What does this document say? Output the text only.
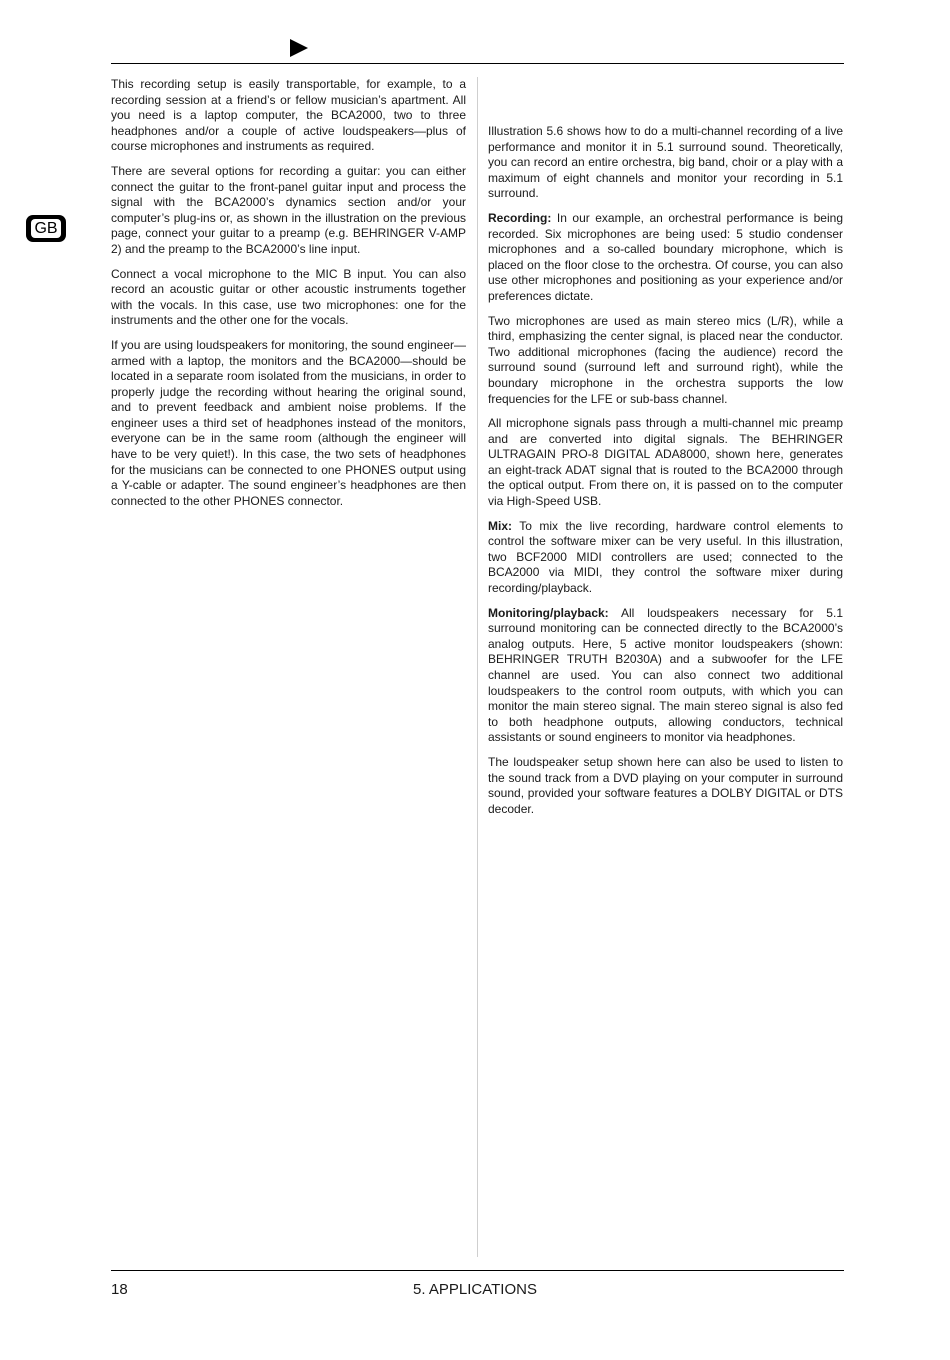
GB

This recording setup is easily transportable, for example, to a recording session at a friend’s or fellow musician’s apartment. All you need is a laptop computer, the BCA2000, two to three headphones and/or a couple of active loudspeakers—plus of course microphones and instruments as required.

There are several options for recording a guitar: you can either connect the guitar to the front-panel guitar input and process the signal with the BCA2000’s dynamics section and/or your computer’s plug-ins or, as shown in the illustration on the previous page, connect your guitar to a preamp (e.g. BEHRINGER V-AMP 2) and the preamp to the BCA2000’s line input.

Connect a vocal microphone to the MIC B input. You can also record an acoustic guitar or other acoustic instruments together with the vocals. In this case, use two microphones: one for the instruments and the other one for the vocals.

If you are using loudspeakers for monitoring, the sound engineer—armed with a laptop, the monitors and the BCA2000—should be located in a separate room isolated from the musicians, in order to properly judge the recording without hearing the original sound, and to prevent feedback and ambient noise problems. If the engineer uses a third set of headphones instead of the monitors, everyone can be in the same room (although the engineer will have to be very quiet!). In this case, the two sets of headphones for the musicians can be connected to one PHONES output using a Y-cable or adapter. The sound engineer’s headphones are then connected to the other PHONES connector.

Illustration 5.6 shows how to do a multi-channel recording of a live performance and monitor it in 5.1 surround sound. Theoretically, you can record an entire orchestra, big band, choir or a play with a maximum of eight channels and monitor your recording in 5.1 surround.

Recording: In our example, an orchestral performance is being recorded. Six microphones are being used: 5 studio condenser microphones and a so-called boundary microphone, which is placed on the floor close to the orchestra. Of course, you can also use other microphones and positioning as your experience and/or preferences dictate.

Two microphones are used as main stereo mics (L/R), while a third, emphasizing the center signal, is placed near the conductor. Two additional microphones (facing the audience) record the surround sound (surround left and surround right), while the boundary microphone in the orchestra supports the low frequencies for the LFE or sub-bass channel.

All microphone signals pass through a multi-channel mic preamp and are converted into digital signals. The BEHRINGER ULTRAGAIN PRO-8 DIGITAL ADA8000, shown here, generates an eight-track ADAT signal that is routed to the BCA2000 through the optical output. From there on, it is passed on to the computer via High-Speed USB.

Mix: To mix the live recording, hardware control elements to control the software mixer can be very useful. In this illustration, two BCF2000 MIDI controllers are used; connected to the BCA2000 via MIDI, they control the software mixer during recording/playback.

Monitoring/playback: All loudspeakers necessary for 5.1 surround monitoring can be connected directly to the BCA2000’s analog outputs. Here, 5 active monitor loudspeakers (shown: BEHRINGER TRUTH B2030A) and a subwoofer for the LFE channel are used. You can also connect two additional loudspeakers to the control room outputs, with which you can monitor the main stereo signal. The main stereo signal is also fed to both headphone outputs, allowing conductors, technical assistants or sound engineers to monitor via headphones.

The loudspeaker setup shown here can also be used to listen to the sound track from a DVD playing on your computer in surround sound, provided your software features a DOLBY DIGITAL or DTS decoder.

18	5. APPLICATIONS
